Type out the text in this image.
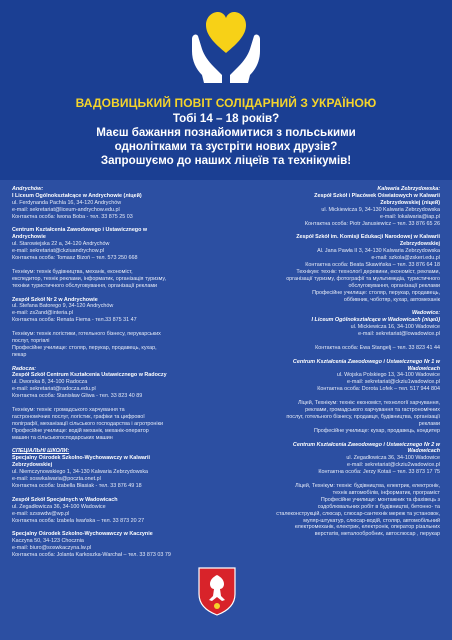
ВАДОВИЦЬКИЙ ПОВІТ СОЛІДАРНИЙ З УКРАЇНОЮ
Тобі 14 – 18 років?
Маєш бажання познайомитися з польськими
однолітками та зустріти нових друзів?
Запрошуємо до наших ліцеїв та технікумів!
Andrychów:
I Liceum Ogólnokształcące w Andrychowie (ліцей)
ul. Ferdynanda Pachla 16, 34-120 Andrychów
e-mail: sekretariat@liceum-andrychow.edu.pl
Контактна особа: Iwona Boba - тел. 33 875 25 03

Centrum Kształcenia Zawodowego i Ustawicznego w
Andrychowie
ul. Starowiejska 22 a, 34-120 Andrychów
e-mail: sekretariat@ckziuandrychow.pl
Контактна особа: Tomasz Bizoń – тел. 573 250 668

Технікум: технік будівництва, механік, економіст,
експедитор, технік реклами, інформатик, організація туризму,
техніки туристичного обслуговування, організації реклами

Zespół Szkół Nr 2 w Andrychowie
ul. Stefana Batorego 9, 34-120 Andrychów
e-mail: zs2and@interia.pl
Контактна особа: Renata Fiema - тел.33 875 31 47

Технікум: технік логістики, готельного бізнесу, перукарських
послуг, торгівлі
Професійне училище: столяр, перукар, продавець, кухар,
пекар

Radocza:
Zespół Szkół Centrum Kształcenia Ustawicznego w Radoczy
ul. Dworska 8, 34-100 Radocza
e-mail: sekretariat@radocza.edu.pl
Контактна особа: Stanisław Gliwa - тел. 33 823 40 89

Технікум: технік: громадського харчування та
гастрономічних послуг, логістик, графіки та цифрової
поліграфії, механізації сільського господарства і агротроніки
Професійне училище: водій механік, механік-оператор
машин та сільськогосподарських машин

СПЕЦІАЛЬНІ ШКОЛИ:
Specjalny Ośrodek Szkolno-Wychowawczy w Kalwarii
Zebrzydowskiej
ul. Niemczynowskiego 1, 34-130 Kalwaria Zebrzydowska
e-mail: soswkalwaria@poczta.onet.pl
Контактна особа: Izabella Błasiak - тел. 33 876 49 18

Zespół Szkół Specjalnych w Wadowicach
ul. Zegadłowicza 36, 34-100 Wadowice
e-mail: szsswdw@wp.pl
Контактна особа: Izabela Iwańska – тел. 33 873 20 27

Specjalny Ośrodek Szkolno-Wychowawczy w Kaczynie
Kaczyna 50, 34-123 Chocznia
e-mail: biuro@soswkaczyna.lw.pl
Контактна особа: Jolanta Karkoszka-Warchał – тел. 33 873 03 79
Kalwaria Zebrzydowska:
Zespół Szkół i Placówek Oświatowych w Kalwarii
Zebrzydowskiej (ліцей)
ul. Mickiewicza 9, 34-130 Kalwaria Zebrzydowska
e-mail: lokalwaria@iap.pl
Контактна особа: Piotr Janusiewicz – тел. 33 876 65 26

Zespół Szkół im. Komisji Edukacji Narodowej w Kalwarii
Zebrzydowskiej
Al. Jana Pawła II 3, 34-130 Kalwaria Zebrzydowska
e-mail: szkola@zskeri.edu.pl
Контактна особа: Beata Skawińska – тел. 33 876 64 18
Технікум: технік: технологї деревини, економіст, реклами,
організації туризму, фотографії та мультимедіа, туристичного
обслуговування, організації реклами
Професійне училище: столяр, перукар, продавець,
оббивник, чоботяр, кухар, автомеханік

Wadowice:
I Liceum Ogólnokształcące w Wadowicach (ліцей)
ul. Mickiewicza 16, 34-100 Wadowice
e-mail: sekretariat@lowadowice.pl

Контактна особа: Ewa Stangelj – тел. 33 823 41 44

Centrum Kształcenia Zawodowego i Ustawicznego Nr 1 w
Wadowicach
ul. Wojska Polskiego 13, 34-100 Wadowice
e-mail: sekretariat@ckziu1wadowice.pl
Контактна особа: Dorota Lofek – тел. 517 944 804

Ліцей, Технікум: технік: економіст, технології харчування,
реклами, громадського харчування та гастрономічних
послуг, готельного бізнесу, продавця, будівництва, організації
реклами
Професійне училище: кухар, продавець, кондитер

Centrum Kształcenia Zawodowego i Ustawicznego Nr 2 w
Wadowicach
ul. Zegadłowicza 36, 34-100 Wadowice
e-mail: sekretariat@ckziu2wadowice.pl
Контактна особа: Jerzy Kotaś – тел. 33 873 17 75

Ліцей, Технікум: технік: будівництва, електрик, електронік,
технік автомобілів, інформатик, програміст
Професійне училище: монтажник та фахівець з
оздоблювальних робіт в будівництві, бетонно- та
сталеконструкцій, слюсар, слюсар-сантехнік мереж та установок,
муляр-штукатур, слюсар-водій, столяр, автомобільний
електромеханік, електрик, електронік, оператор різальних
верстатів, металообробник, автослюсар , перукар
